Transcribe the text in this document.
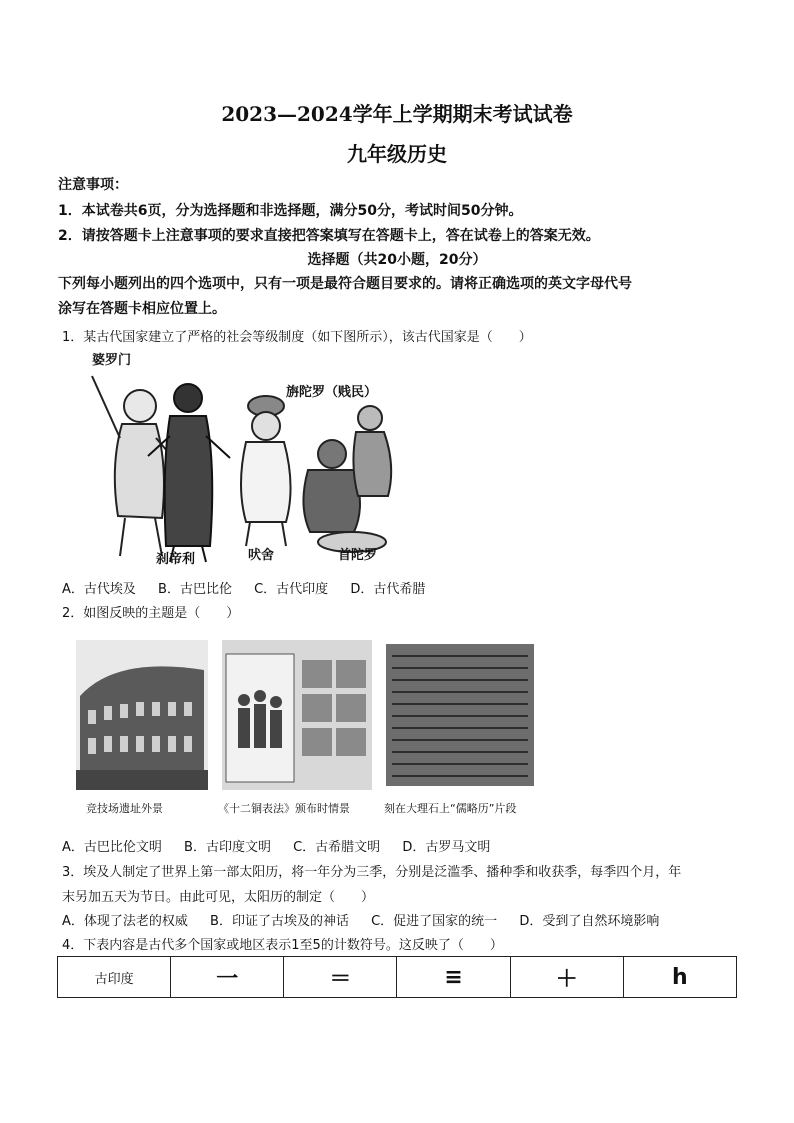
2023—2024学年上学期期末考试试卷
九年级历史
注意事项：
1．本试卷共6页，分为选择题和非选择题，满分50分，考试时间50分钟。
2．请按答题卡上注意事项的要求直接把答案填写在答题卡上，答在试卷上的答案无效。
选择题（共20小题，20分）
下列每小题列出的四个选项中，只有一项是最符合题目要求的。请将正确选项的英文字母代号
涂写在答题卡相应位置上。
1．某古代国家建立了严格的社会等级制度（如下图所示），该古代国家是（　　）
婆罗门
旃陀罗（贱民）
刹帝利	吠舍	首陀罗
A．古代埃及 B．古巴比伦 C．古代印度 D．古代希腊
2．如图反映的主题是（　　）
竞技场遗址外景	《十二铜表法》颁布时情景	刻在大理石上“儒略历”片段
A．古巴比伦文明 B．古印度文明 C．古希腊文明 D．古罗马文明
3．埃及人制定了世界上第一部太阳历，将一年分为三季，分别是泛滥季、播种季和收获季，每季四个月，年
末另加五天为节日。由此可见，太阳历的制定（　　）
A．体现了法老的权威 B．印证了古埃及的神话 C．促进了国家的统一 D．受到了自然环境影响
4．下表内容是古代多个国家或地区表示1至5的计数符号。这反映了（　　）
古印度	一	＝	≡	＋	h
